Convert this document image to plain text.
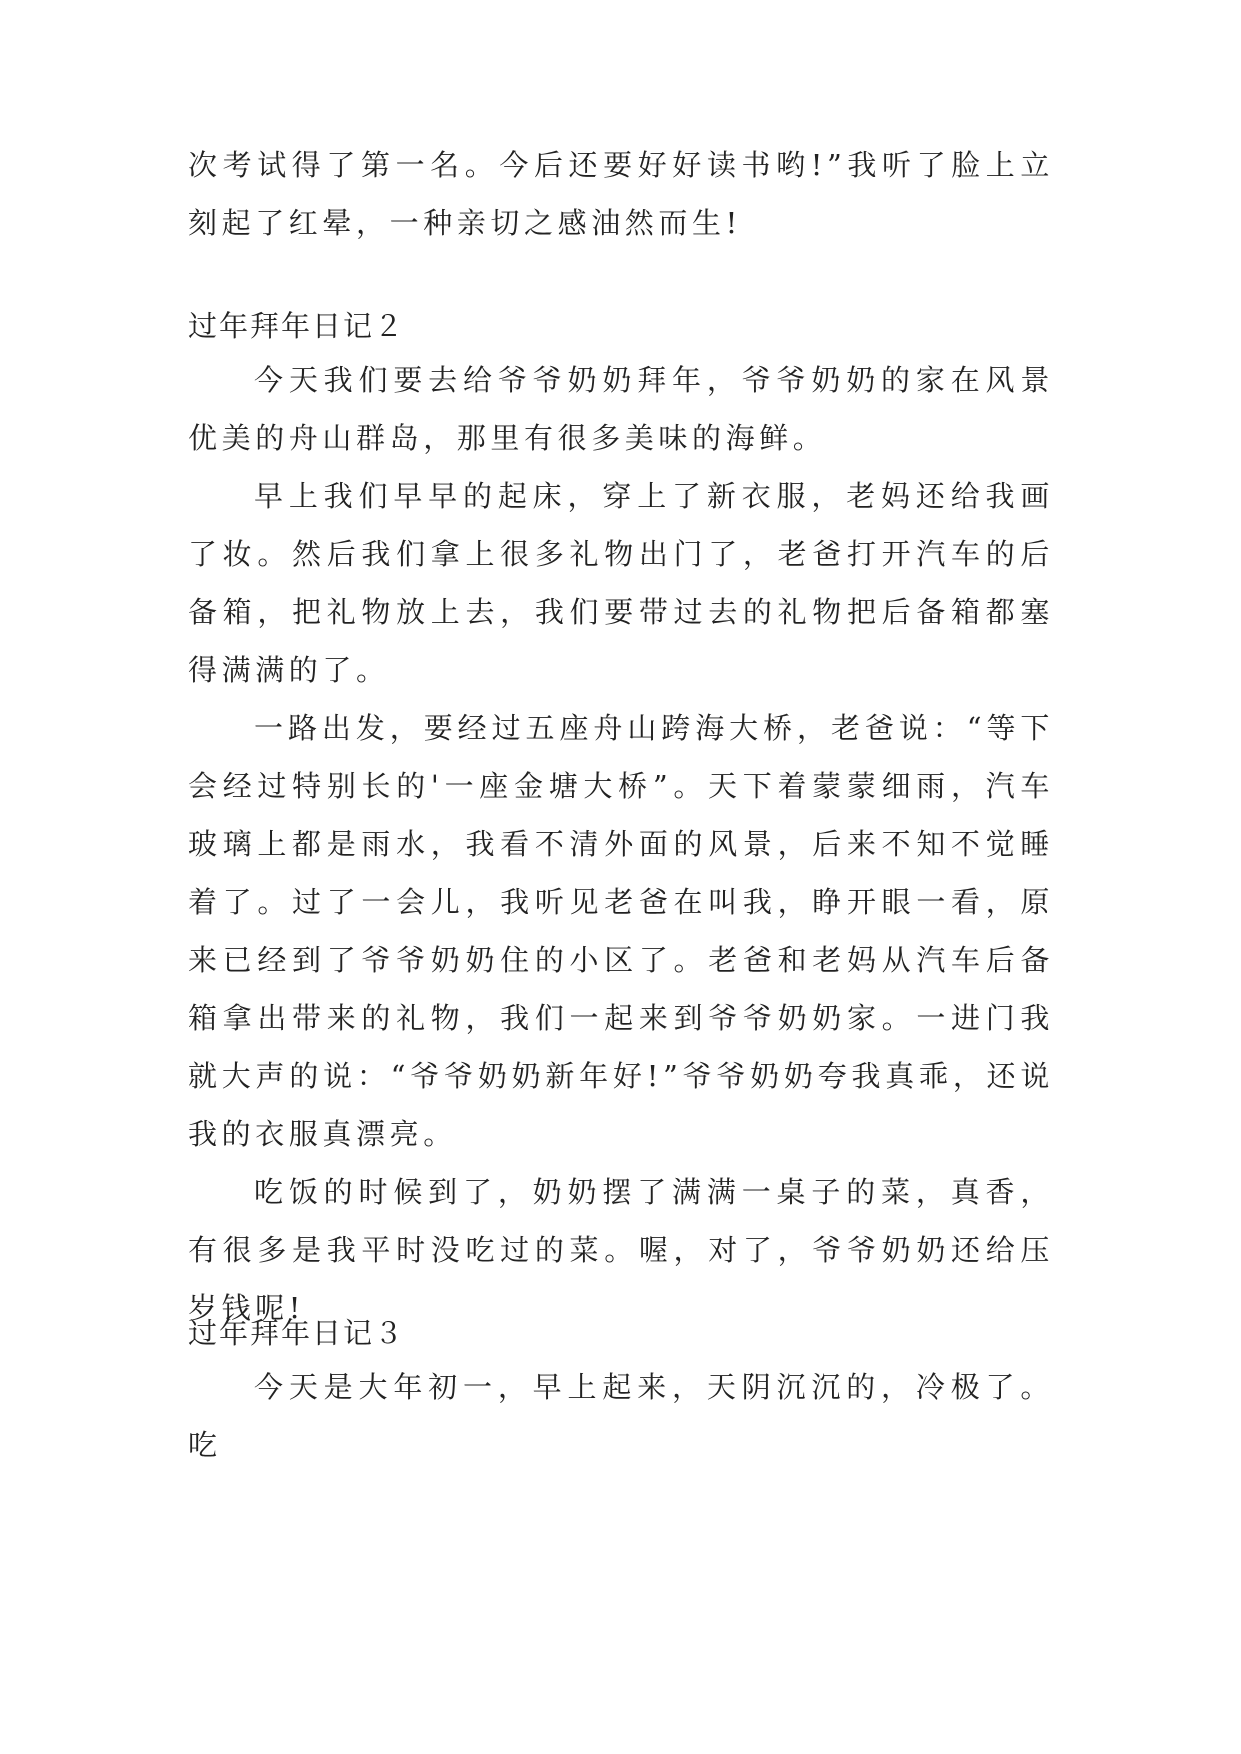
次考试得了第一名。今后还要好好读书哟!”我听了脸上立刻起了红晕，一种亲切之感油然而生!

过年拜年日记２

今天我们要去给爷爷奶奶拜年，爷爷奶奶的家在风景优美的舟山群岛，那里有很多美味的海鲜。

早上我们早早的起床，穿上了新衣服，老妈还给我画了妆。然后我们拿上很多礼物出门了，老爸打开汽车的后备箱，把礼物放上去，我们要带过去的礼物把后备箱都塞得满满的了。

一路出发，要经过五座舟山跨海大桥，老爸说：“等下会经过特别长的'一座金塘大桥”。天下着蒙蒙细雨，汽车玻璃上都是雨水，我看不清外面的风景，后来不知不觉睡着了。过了一会儿，我听见老爸在叫我，睁开眼一看，原来已经到了爷爷奶奶住的小区了。老爸和老妈从汽车后备箱拿出带来的礼物，我们一起来到爷爷奶奶家。一进门我就大声的说：“爷爷奶奶新年好!”爷爷奶奶夸我真乖，还说我的衣服真漂亮。

吃饭的时候到了，奶奶摆了满满一桌子的菜，真香，有很多是我平时没吃过的菜。喔，对了，爷爷奶奶还给压岁钱呢!

过年拜年日记３

今天是大年初一，早上起来，天阴沉沉的，冷极了。吃
